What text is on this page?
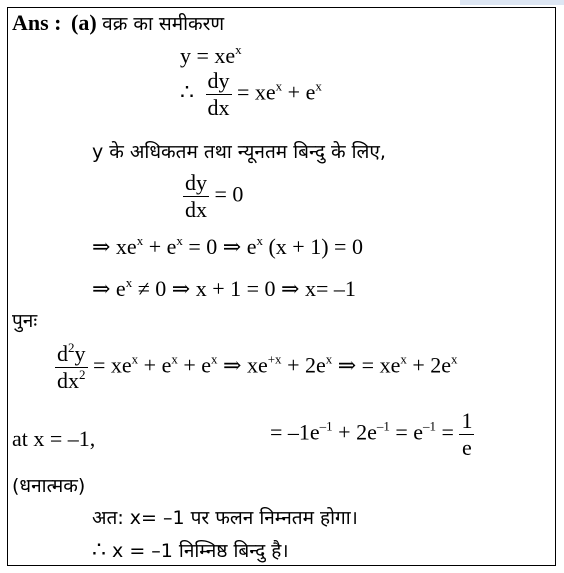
Ans : (a) वक्र का समीकरण
$y = xe^x$
∴ $\frac{dy}{dx} = xe^x + e^x$
y के अधिकतम तथा न्यूनतम बिन्दु के लिए,
$\frac{dy}{dx} = 0$
⇒ $xe^x + e^x = 0$ ⇒ $e^x$ (x + 1) = 0
⇒ $e^x \ne 0$ ⇒ x + 1 = 0 ⇒ x= –1
पुनः
$\frac{d^2y}{dx^2} = xe^x + e^x + e^x$ ⇒ $xe^{+x} + 2e^x$ ⇒ = $xe^x + 2e^x$
at x = –1,	= $-1e^{-1} + 2e^{-1} = e^{-1} = \frac{1}{e}$
(धनात्मक)
अत: x= –1 पर फलन निम्नतम होगा।
∴ x = –1 निम्निष्ठ बिन्दु है।
